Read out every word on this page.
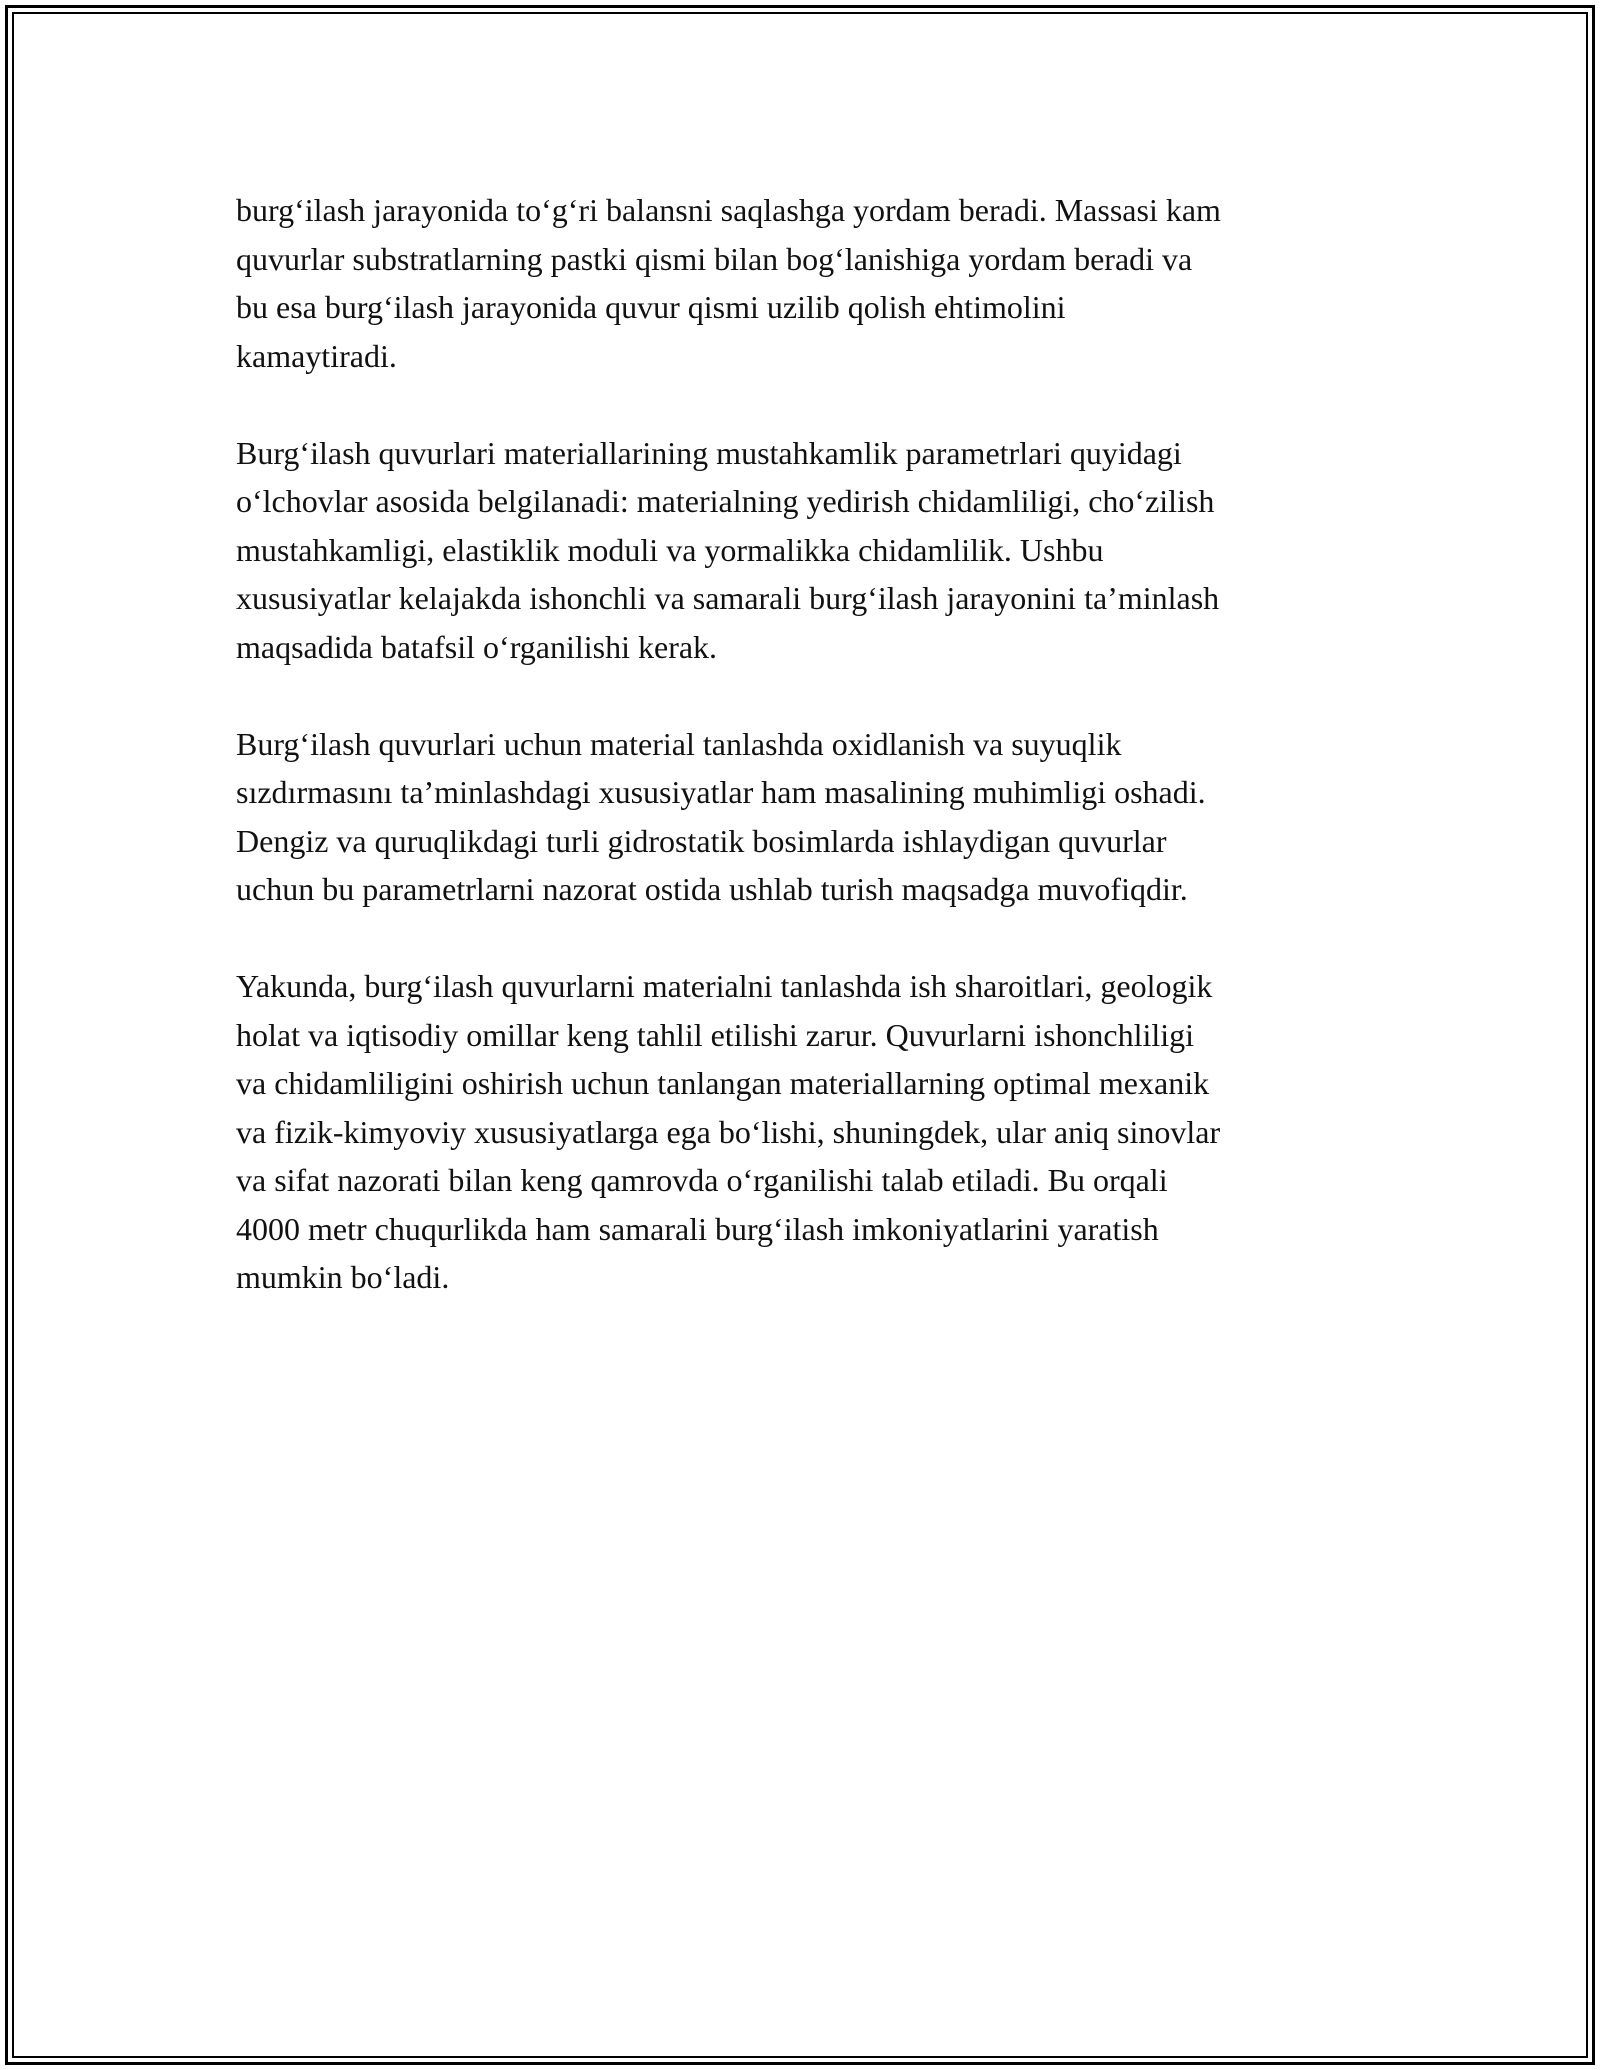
burg‘ilash jarayonida to‘g‘ri balansni saqlashga yordam beradi. Massasi kam
quvurlar substratlarning pastki qismi bilan bog‘lanishiga yordam beradi va
bu esa burg‘ilash jarayonida quvur qismi uzilib qolish ehtimolini
kamaytiradi.

Burg‘ilash quvurlari materiallarining mustahkamlik parametrlari quyidagi
o‘lchovlar asosida belgilanadi: materialning yedirish chidamliligi, cho‘zilish
mustahkamligi, elastiklik moduli va yormalikka chidamlilik. Ushbu
xususiyatlar kelajakda ishonchli va samarali burg‘ilash jarayonini ta’minlash
maqsadida batafsil o‘rganilishi kerak.

Burg‘ilash quvurlari uchun material tanlashda oxidlanish va suyuqlik
sızdırmasını ta’minlashdagi xususiyatlar ham masalining muhimligi oshadi.
Dengiz va quruqlikdagi turli gidrostatik bosimlarda ishlaydigan quvurlar
uchun bu parametrlarni nazorat ostida ushlab turish maqsadga muvofiqdir.

Yakunda, burg‘ilash quvurlarni materialni tanlashda ish sharoitlari, geologik
holat va iqtisodiy omillar keng tahlil etilishi zarur. Quvurlarni ishonchliligi
va chidamliligini oshirish uchun tanlangan materiallarning optimal mexanik
va fizik-kimyoviy xususiyatlarga ega bo‘lishi, shuningdek, ular aniq sinovlar
va sifat nazorati bilan keng qamrovda o‘rganilishi talab etiladi. Bu orqali
4000 metr chuqurlikda ham samarali burg‘ilash imkoniyatlarini yaratish
mumkin bo‘ladi.
